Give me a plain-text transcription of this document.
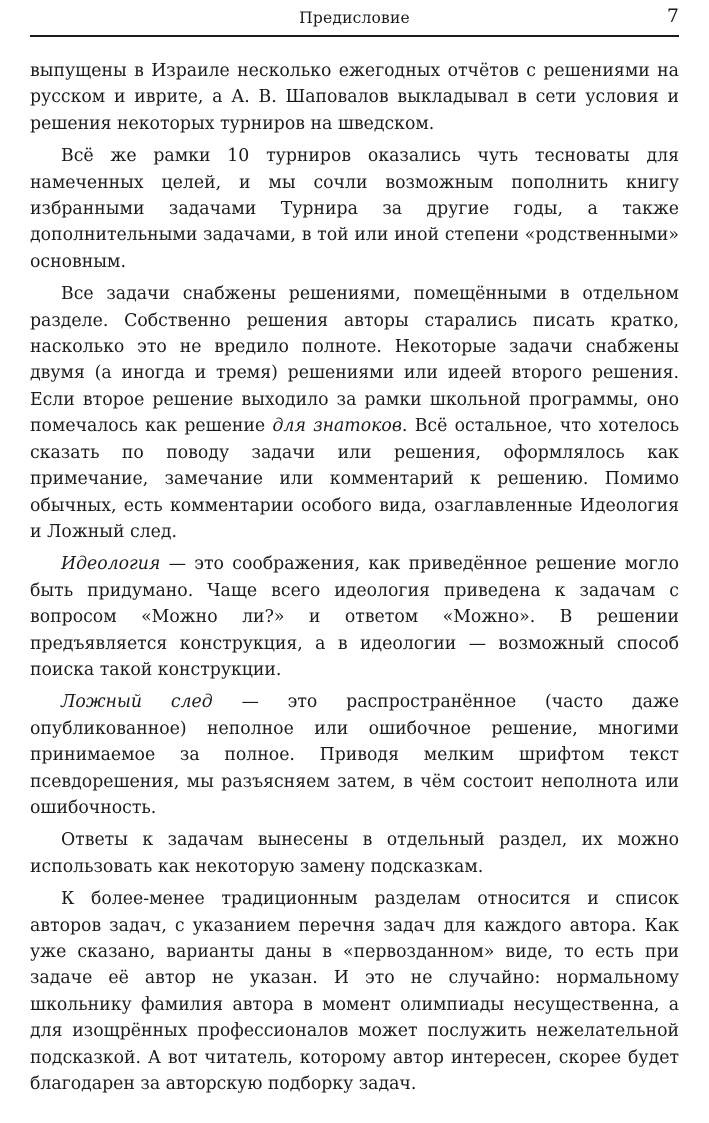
Предисловие	7

выпущены в Израиле несколько ежегодных отчётов с решениями на русском и иврите, а А. В. Шаповалов выкладывал в сети условия и решения некоторых турниров на шведском.

Всё же рамки 10 турниров оказались чуть тесноваты для намеченных целей, и мы сочли возможным пополнить книгу избранными задачами Турнира за другие годы, а также дополнительными задачами, в той или иной степени «родственными» основным.

Все задачи снабжены решениями, помещёнными в отдельном разделе. Собственно решения авторы старались писать кратко, насколько это не вредило полноте. Некоторые задачи снабжены двумя (а иногда и тремя) решениями или идеей второго решения. Если второе решение выходило за рамки школьной программы, оно помечалось как решение для знатоков. Всё остальное, что хотелось сказать по поводу задачи или решения, оформлялось как примечание, замечание или комментарий к решению. Помимо обычных, есть комментарии особого вида, озаглавленные Идеология и Ложный след.

Идеология — это соображения, как приведённое решение могло быть придумано. Чаще всего идеология приведена к задачам с вопросом «Можно ли?» и ответом «Можно». В решении предъявляется конструкция, а в идеологии — возможный способ поиска такой конструкции.

Ложный след — это распространённое (часто даже опубликованное) неполное или ошибочное решение, многими принимаемое за полное. Приводя мелким шрифтом текст псевдорешения, мы разъясняем затем, в чём состоит неполнота или ошибочность.

Ответы к задачам вынесены в отдельный раздел, их можно использовать как некоторую замену подсказкам.

К более-менее традиционным разделам относится и список авторов задач, с указанием перечня задач для каждого автора. Как уже сказано, варианты даны в «первозданном» виде, то есть при задаче её автор не указан. И это не случайно: нормальному школьнику фамилия автора в момент олимпиады несущественна, а для изощрённых профессионалов может послужить нежелательной подсказкой. А вот читатель, которому автор интересен, скорее будет благодарен за авторскую подборку задач.
